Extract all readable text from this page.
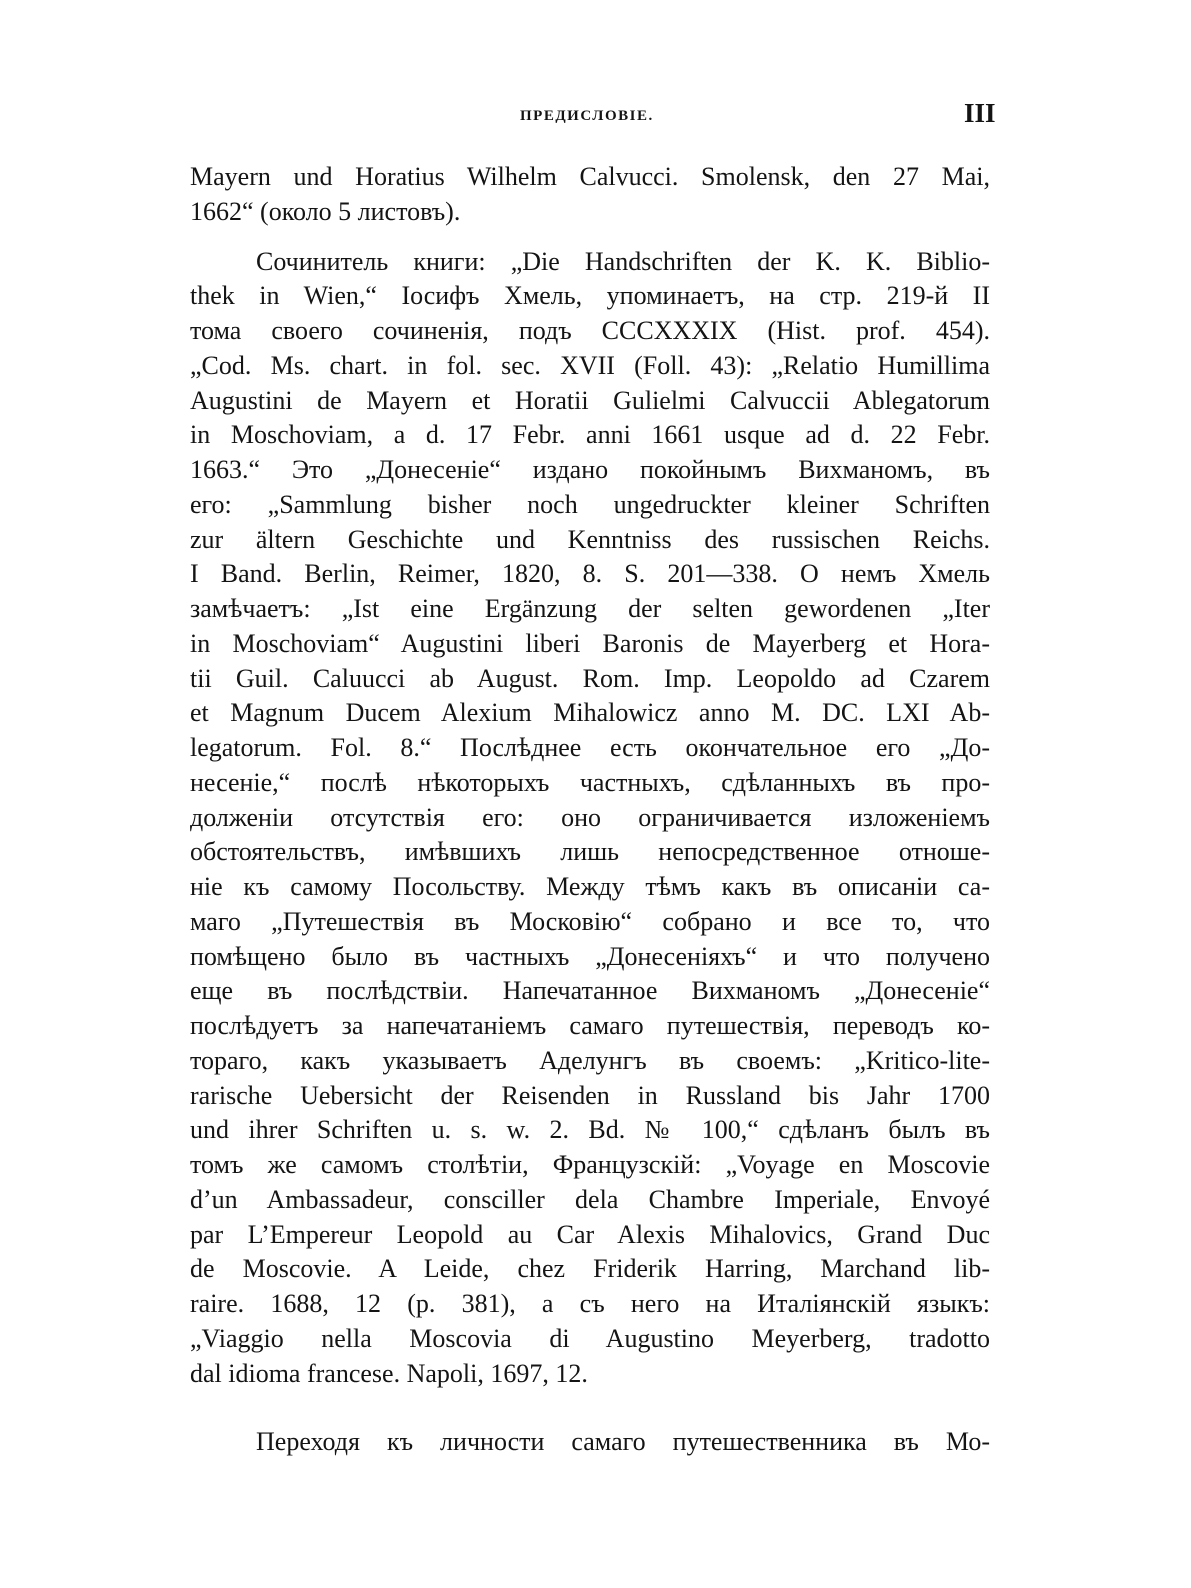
ПРЕДИСЛОВІЕ.	III
Mayern und Horatius Wilhelm Calvucci. Smolensk, den 27 Mai,
1662“ (около 5 листовъ).
Сочинитель книги: „Die Handschriften der K. K. Biblio-
thek in Wien,“ Іосифъ Хмель, упоминаетъ, на стр. 219-й II
тома своего сочиненія, подъ CCCXXXIX (Hist. prof. 454).
„Cod. Ms. chart. in fol. sec. XVII (Foll. 43): „Relatio Humillima
Augustini de Mayern et Horatii Gulielmi Calvuccii Ablegatorum
in Moschoviam, a d. 17 Febr. anni 1661 usque ad d. 22 Febr.
1663.“ Это „Донесеніе“ издано покойнымъ Вихманомъ, въ
его: „Sammlung bisher noch ungedruckter kleiner Schriften
zur ältern Geschichte und Kenntniss des russischen Reichs.
I Band. Berlin, Reimer, 1820, 8. S. 201—338. О немъ Хмель
замѣчаетъ: „Ist eine Ergänzung der selten gewordenen „Iter
in Moschoviam“ Augustini liberi Baronis de Mayerberg et Hora-
tii Guil. Caluucci ab August. Rom. Imp. Leopoldo ad Czarem
et Magnum Ducem Alexium Mihalowicz anno M. DC. LXI Ab-
legatorum. Fol. 8.“ Послѣднее есть окончательное его „До-
несеніе,“ послѣ нѣкоторыхъ частныхъ, сдѣланныхъ въ про-
долженіи отсутствія его: оно ограничивается изложеніемъ
обстоятельствъ, имѣвшихъ лишь непосредственное отноше-
ніе къ самому Посольству. Между тѣмъ какъ въ описаніи са-
маго „Путешествія въ Московію“ собрано и все то, что
помѣщено было въ частныхъ „Донесеніяхъ“ и что получено
еще въ послѣдствіи. Напечатанное Вихманомъ „Донесеніе“
послѣдуетъ за напечатаніемъ самаго путешествія, переводъ ко-
тораго, какъ указываетъ Аделунгъ въ своемъ: „Kritico-lite-
rarische Uebersicht der Reisenden in Russland bis Jahr 1700
und ihrer Schriften u. s. w. 2. Bd. № 100,“ сдѣланъ былъ въ
томъ же самомъ столѣтіи, Французскій: „Voyage en Moscovie
d’un Ambassadeur, consciller dela Chambre Imperiale, Envoyé
par L’Empereur Leopold au Car Alexis Mihalovics, Grand Duc
de Moscovie. A Leide, chez Friderik Harring, Marchand lib-
raire. 1688, 12 (p. 381), а съ него на Италіянскій языкъ:
„Viaggio nella Moscovia di Augustino Meyerberg, tradotto
dal idioma francese. Napoli, 1697, 12.
Переходя къ личности самаго путешественника въ Мо-
